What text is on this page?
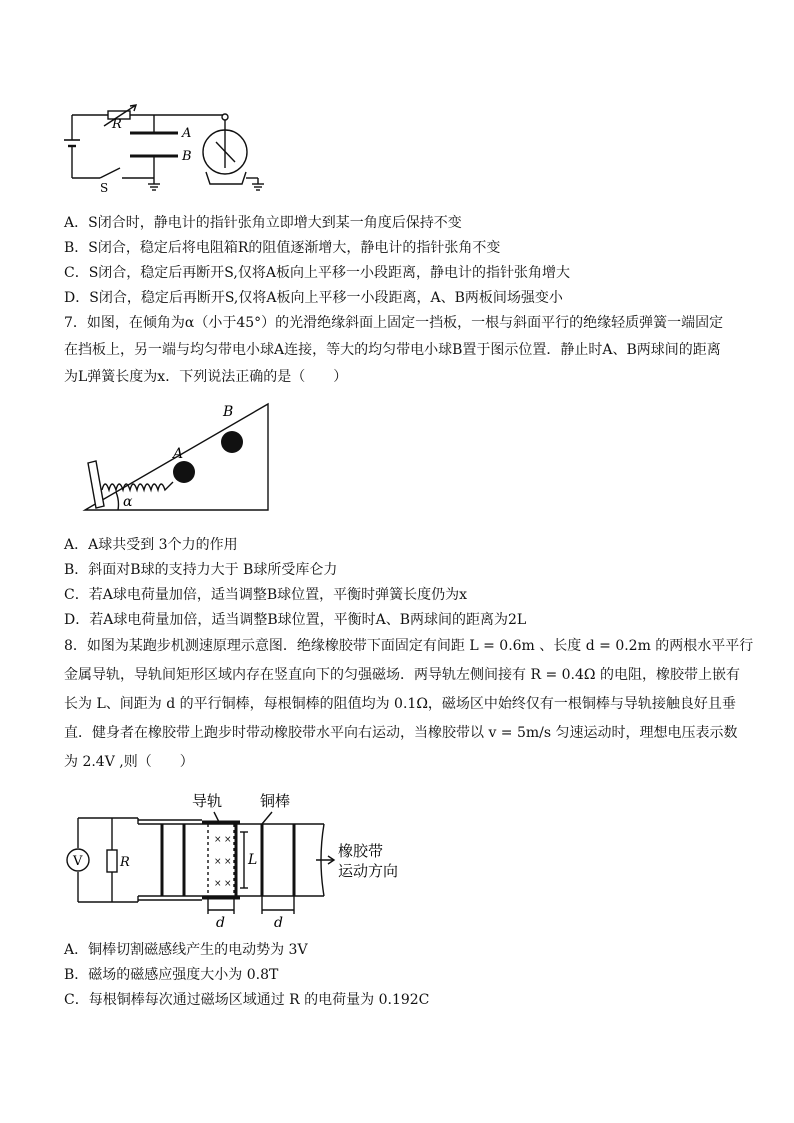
R
A
B
S
A．S闭合时，静电计的指针张角立即增大到某一角度后保持不变
B．S闭合，稳定后将电阻箱R的阻值逐渐增大，静电计的指针张角不变
C．S闭合，稳定后再断开S,仅将A板向上平移一小段距离，静电计的指针张角增大
D．S闭合，稳定后再断开S,仅将A板向上平移一小段距离，A、B两板间场强变小

7．如图，在倾角为α（小于45°）的光滑绝缘斜面上固定一挡板，一根与斜面平行的绝缘轻质弹簧一端固定

在挡板上，另一端与均匀带电小球A连接，等大的均匀带电小球B置于图示位置．静止时A、B两球间的距离

为L弹簧长度为x．下列说法正确的是（　　）

A
B
α
A．A球共受到 3个力的作用
B．斜面对B球的支持力大于 B球所受库仑力
C．若A球电荷量加倍，适当调整B球位置，平衡时弹簧长度仍为x
D．若A球电荷量加倍，适当调整B球位置，平衡时A、B两球间的距离为2L

8．如图为某跑步机测速原理示意图．绝缘橡胶带下面固定有间距 L = 0.6m 、长度 d = 0.2m 的两根水平平行

金属导轨，导轨间矩形区域内存在竖直向下的匀强磁场．两导轨左侧间接有 R = 0.4Ω 的电阻，橡胶带上嵌有

长为 L、间距为 d 的平行铜棒，每根铜棒的阻值均为 0.1Ω，磁场区中始终仅有一根铜棒与导轨接触良好且垂

直．健身者在橡胶带上跑步时带动橡胶带水平向右运动，当橡胶带以 v = 5m/s 匀速运动时，理想电压表示数

为 2.4V ,则（　　）

×
×
×
×
×
×
V	R	L
d	d
导轨	铜棒
橡胶带
运动方向
A．铜棒切割磁感线产生的电动势为 3V
B．磁场的磁感应强度大小为 0.8T
C．每根铜棒每次通过磁场区域通过 R 的电荷量为 0.192C
